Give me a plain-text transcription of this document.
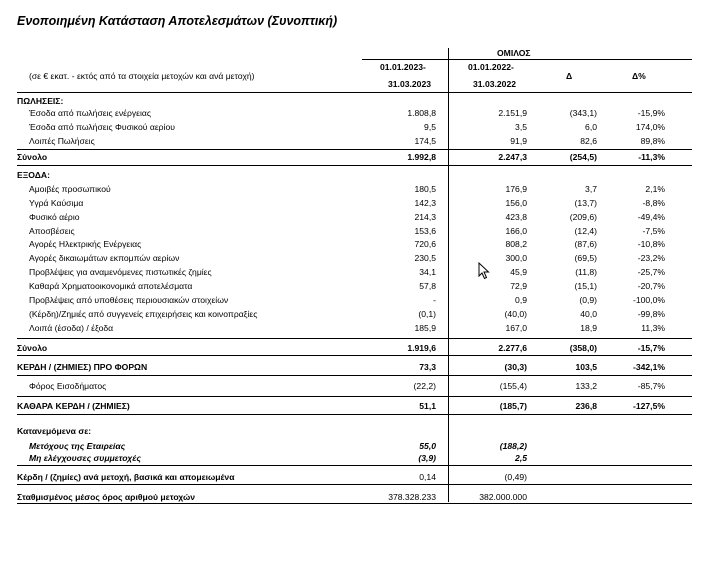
Ενοποιημένη Κατάσταση Αποτελεσμάτων (Συνοπτική)
ΟΜΙΛΟΣ
01.01.2023-
31.03.2023
01.01.2022-
31.03.2022
Δ	Δ%
(σε € εκατ. - εκτός από τα στοιχεία μετοχών και ανά μετοχή)
ΠΩΛΗΣΕΙΣ:
Έσοδα από πωλήσεις ενέργειας	1.808,8	2.151,9	(343,1)	-15,9%
Έσοδα από πωλήσεις Φυσικού αερίου	9,5	3,5	6,0	174,0%
Λοιπές Πωλήσεις	174,5	91,9	82,6	89,8%
Σύνολο	1.992,8	2.247,3	(254,5)	-11,3%
ΕΞΟΔΑ:
Αμοιβές προσωπικού	180,5	176,9	3,7	2,1%
Υγρά Καύσιμα	142,3	156,0	(13,7)	-8,8%
Φυσικό αέριο	214,3	423,8	(209,6)	-49,4%
Αποσβέσεις	153,6	166,0	(12,4)	-7,5%
Αγορές Ηλεκτρικής Ενέργειας	720,6	808,2	(87,6)	-10,8%
Αγορές δικαιωμάτων εκπομπών αερίων	230,5	300,0	(69,5)	-23,2%
Προβλέψεις για αναμενόμενες πιστωτικές ζημίες	34,1	45,9	(11,8)	-25,7%
Καθαρά Χρηματοοικονομικά αποτελέσματα	57,8	72,9	(15,1)	-20,7%
Προβλέψεις από υποθέσεις περιουσιακών στοιχείων	-	0,9	(0,9)	-100,0%
(Κέρδη)/Ζημιές από συγγενείς επιχειρήσεις και κοινοπραξίες	(0,1)	(40,0)	40,0	-99,8%
Λοιπά (έσοδα) / έξοδα	185,9	167,0	18,9	11,3%
Σύνολο	1.919,6	2.277,6	(358,0)	-15,7%
ΚΕΡΔΗ / (ΖΗΜΙΕΣ) ΠΡΟ ΦΟΡΩΝ	73,3	(30,3)	103,5	-342,1%
Φόρος Εισοδήματος	(22,2)	(155,4)	133,2	-85,7%
ΚΑΘΑΡΑ ΚΕΡΔΗ / (ΖΗΜΙΕΣ)	51,1	(185,7)	236,8	-127,5%
Κατανεμόμενα σε:
Μετόχους της Εταιρείας	55,0	(188,2)
Μη ελέγχουσες συμμετοχές	(3,9)	2,5
Κέρδη / (ζημίες) ανά μετοχή, βασικά και απομειωμένα	0,14	(0,49)
Σταθμισμένος μέσος όρος αριθμού μετοχών	378.328.233	382.000.000
